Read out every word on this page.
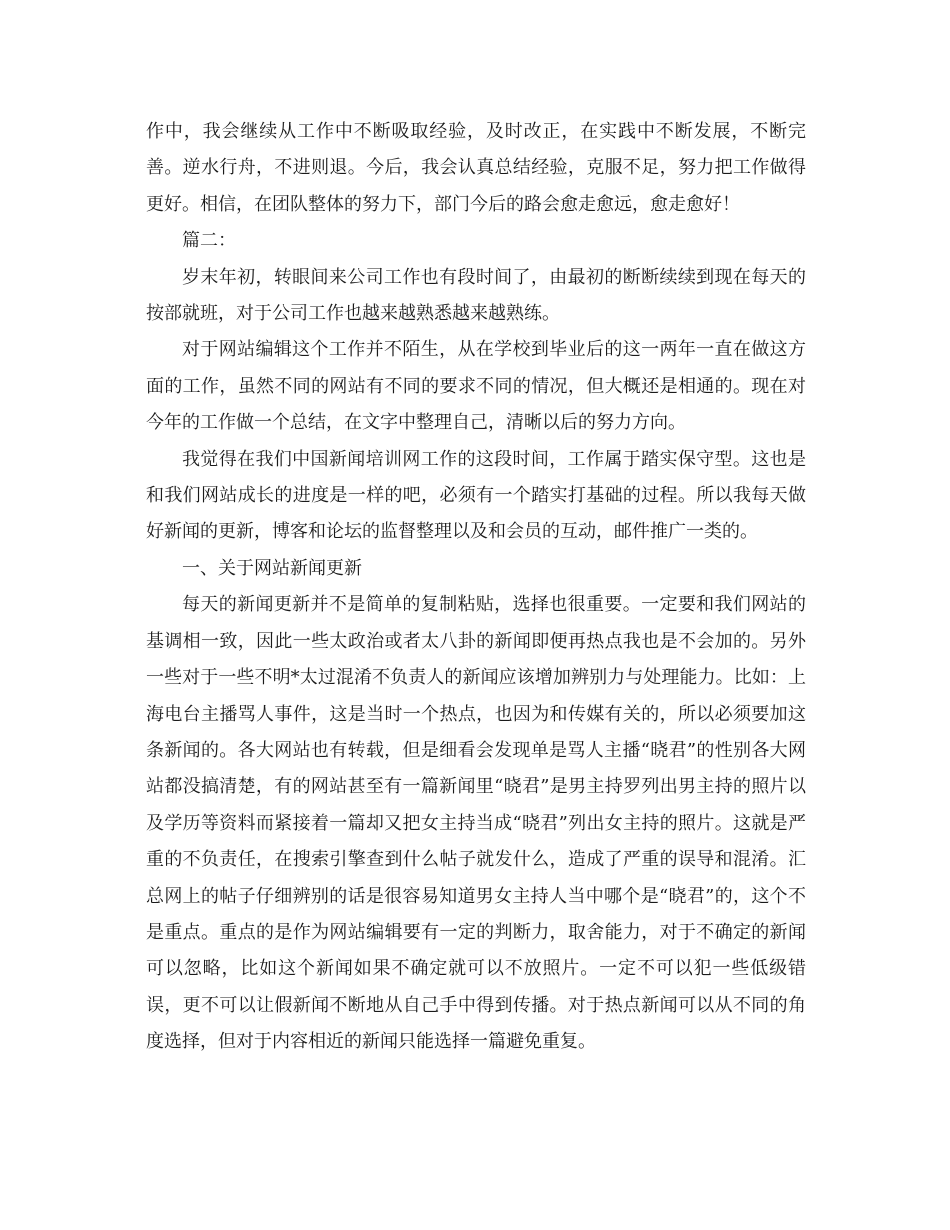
作中，我会继续从工作中不断吸取经验，及时改正，在实践中不断发展，不断完善。逆水行舟，不进则退。今后，我会认真总结经验，克服不足，努力把工作做得更好。相信，在团队整体的努力下，部门今后的路会愈走愈远，愈走愈好！

篇二：

岁末年初，转眼间来公司工作也有段时间了，由最初的断断续续到现在每天的按部就班，对于公司工作也越来越熟悉越来越熟练。

对于网站编辑这个工作并不陌生，从在学校到毕业后的这一两年一直在做这方面的工作，虽然不同的网站有不同的要求不同的情况，但大概还是相通的。现在对今年的工作做一个总结，在文字中整理自己，清晰以后的努力方向。

我觉得在我们中国新闻培训网工作的这段时间，工作属于踏实保守型。这也是和我们网站成长的进度是一样的吧，必须有一个踏实打基础的过程。所以我每天做好新闻的更新，博客和论坛的监督整理以及和会员的互动，邮件推广一类的。

一、关于网站新闻更新

每天的新闻更新并不是简单的复制粘贴，选择也很重要。一定要和我们网站的基调相一致，因此一些太政治或者太八卦的新闻即便再热点我也是不会加的。另外一些对于一些不明*太过混淆不负责人的新闻应该增加辨别力与处理能力。比如：上海电台主播骂人事件，这是当时一个热点，也因为和传媒有关的，所以必须要加这条新闻的。各大网站也有转载，但是细看会发现单是骂人主播“晓君”的性别各大网站都没搞清楚，有的网站甚至有一篇新闻里“晓君”是男主持罗列出男主持的照片以及学历等资料而紧接着一篇却又把女主持当成“晓君”列出女主持的照片。这就是严重的不负责任，在搜索引擎查到什么帖子就发什么，造成了严重的误导和混淆。汇总网上的帖子仔细辨别的话是很容易知道男女主持人当中哪个是“晓君”的，这个不是重点。重点的是作为网站编辑要有一定的判断力，取舍能力，对于不确定的新闻可以忽略，比如这个新闻如果不确定就可以不放照片。一定不可以犯一些低级错误，更不可以让假新闻不断地从自己手中得到传播。对于热点新闻可以从不同的角度选择，但对于内容相近的新闻只能选择一篇避免重复。
